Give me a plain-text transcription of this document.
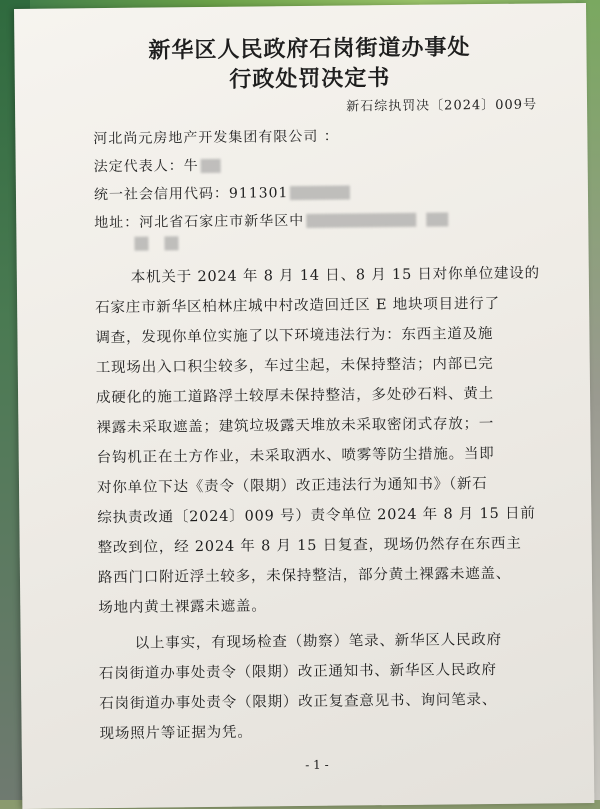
新华区人民政府石岗街道办事处
行政处罚决定书
新石综执罚决〔2024〕009号
河北尚元房地产开发集团有限公司 ：
法定代表人：牛
统一社会信用代码：911301
地址：河北省石家庄市新华区中
本机关于 2024 年 8 月 14 日、8 月 15 日对你单位建设的
石家庄市新华区柏林庄城中村改造回迁区 E 地块项目进行了
调查，发现你单位实施了以下环境违法行为：东西主道及施
工现场出入口积尘较多，车过尘起，未保持整洁；内部已完
成硬化的施工道路浮土较厚未保持整洁，多处砂石料、黄土
裸露未采取遮盖；建筑垃圾露天堆放未采取密闭式存放；一
台钩机正在土方作业，未采取洒水、喷雾等防尘措施。当即
对你单位下达《责令（限期）改正违法行为通知书》（新石
综执责改通〔2024〕009 号）责令单位 2024 年 8 月 15 日前
整改到位，经 2024 年 8 月 15 日复查，现场仍然存在东西主
路西门口附近浮土较多，未保持整洁，部分黄土裸露未遮盖、
场地内黄土裸露未遮盖。
以上事实，有现场检查（勘察）笔录、新华区人民政府
石岗街道办事处责令（限期）改正通知书、新华区人民政府
石岗街道办事处责令（限期）改正复查意见书、询问笔录、
现场照片等证据为凭。
- 1 -
